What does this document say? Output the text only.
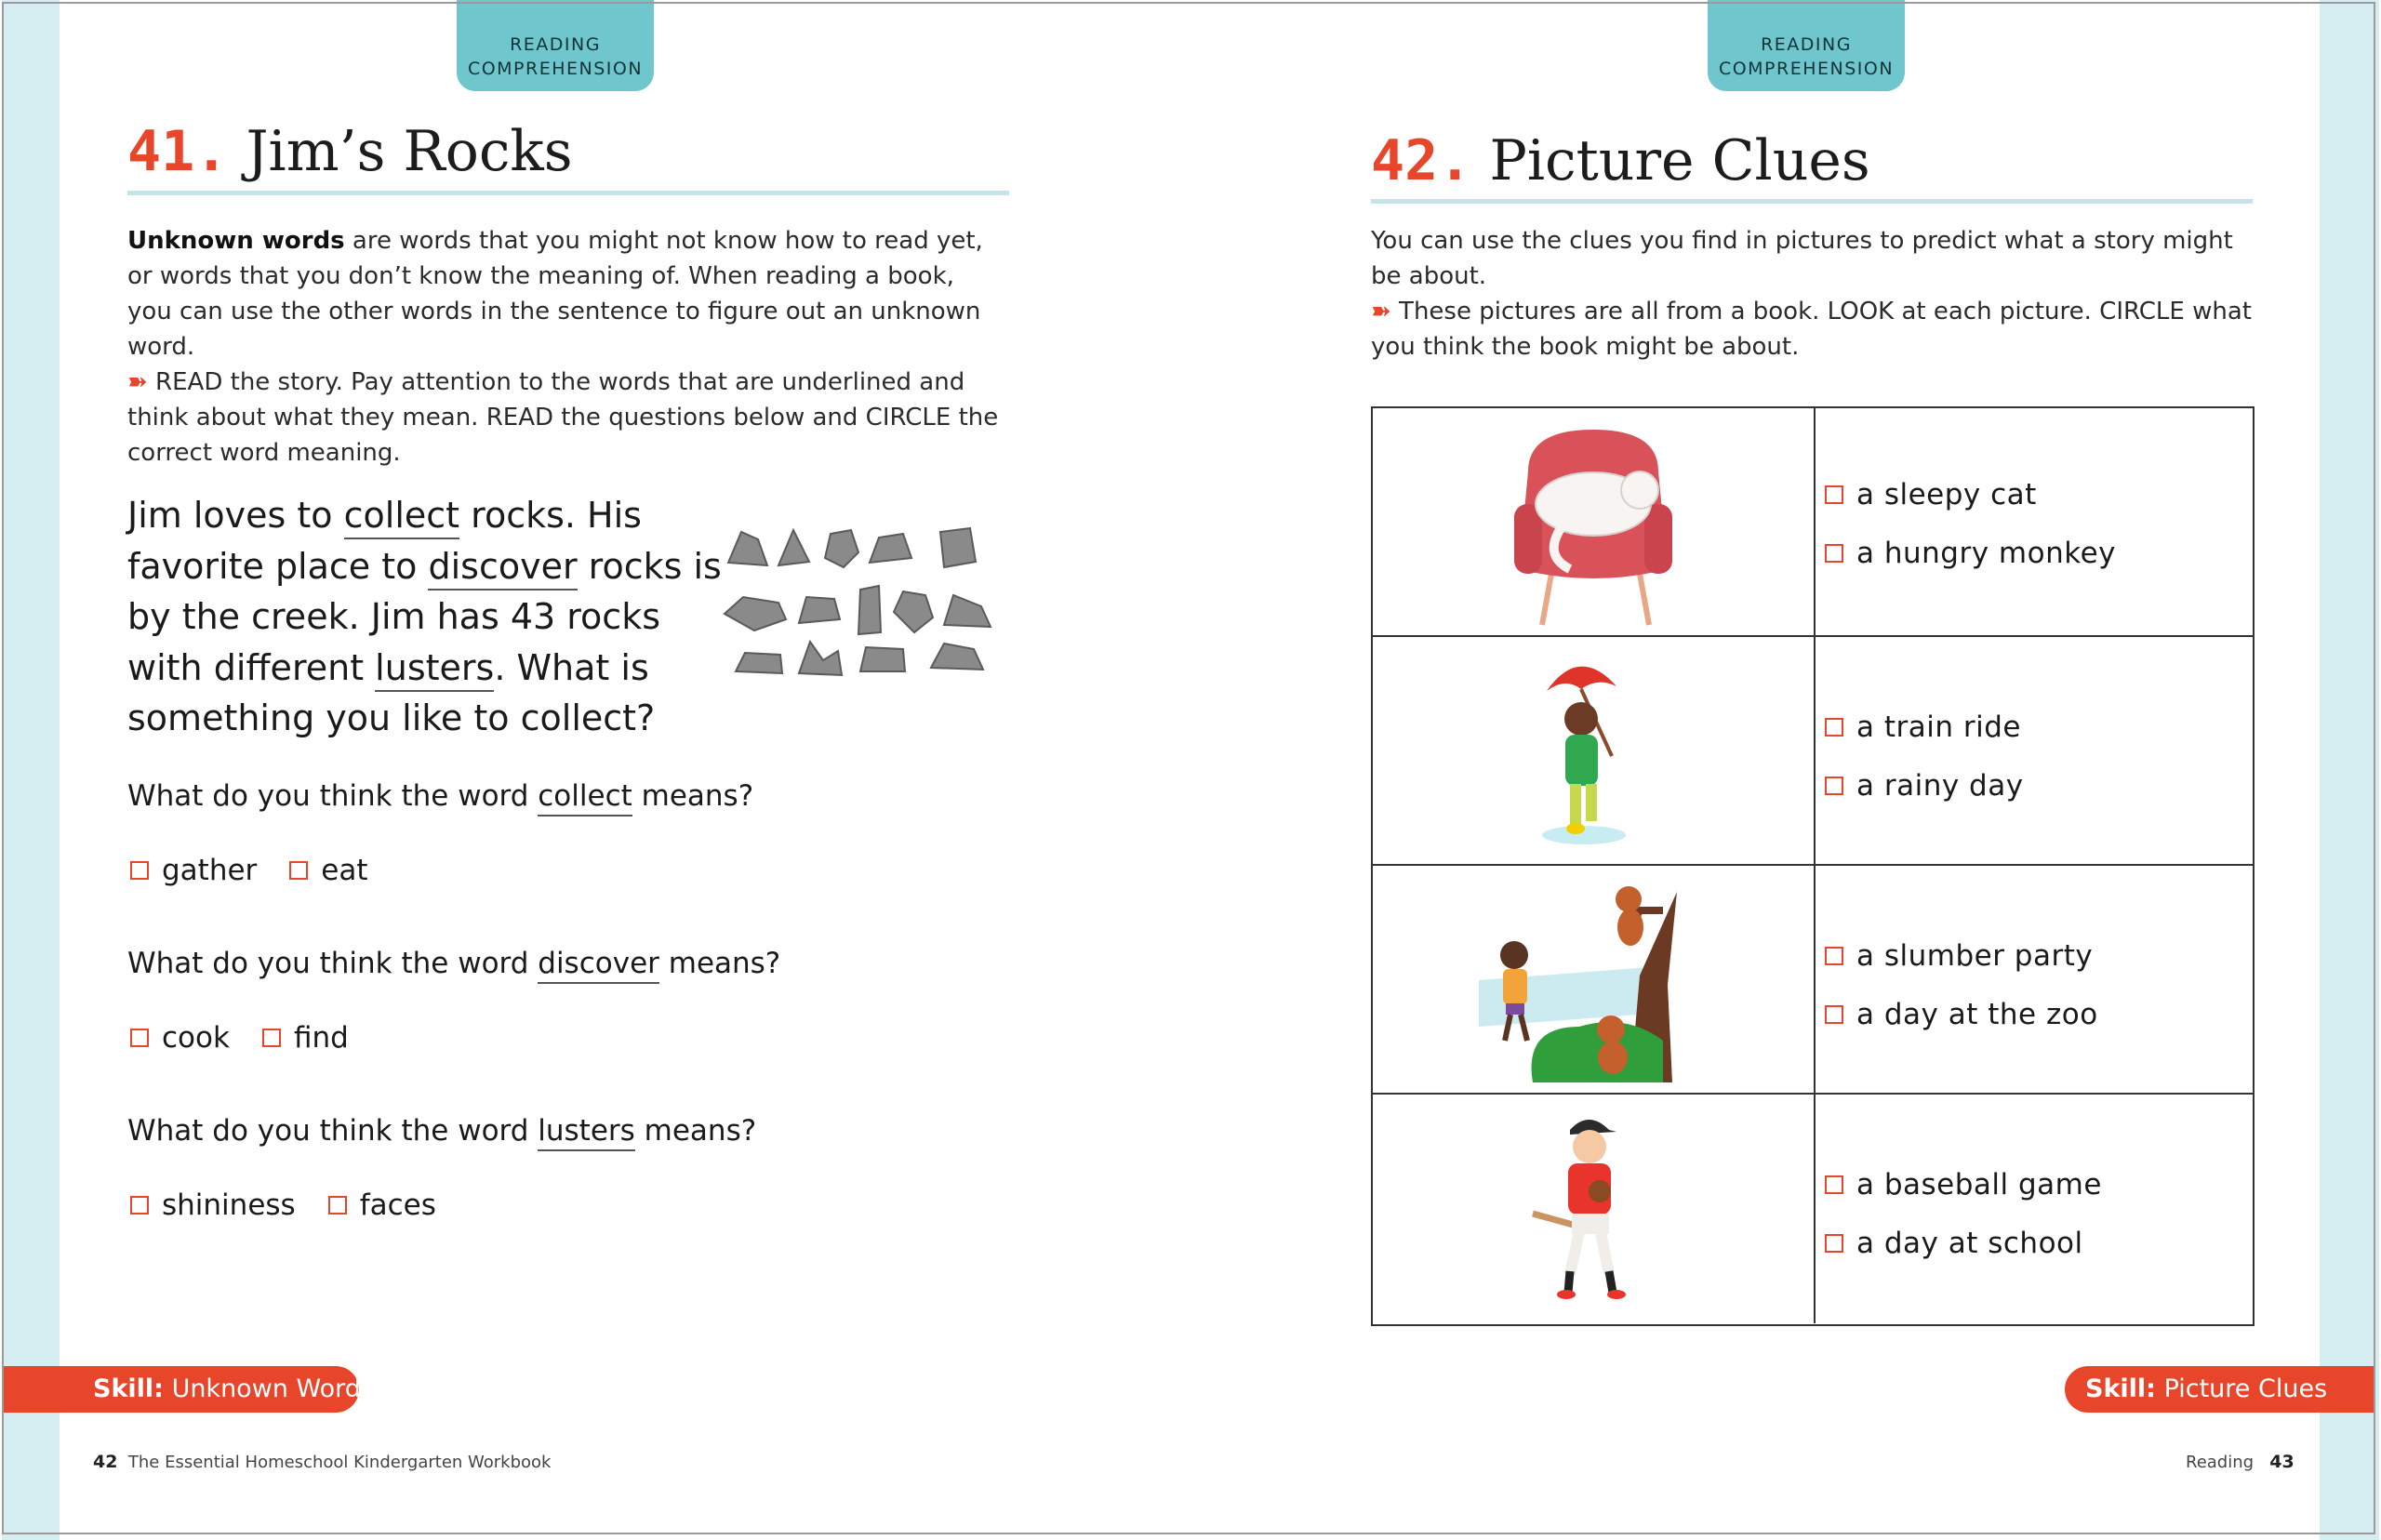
READING
COMPREHENSION
41. Jim’s Rocks
Unknown words are words that you might not know how to read yet, or words that you don’t know the meaning of. When reading a book, you can use the other words in the sentence to figure out an unknown word.
➽ READ the story. Pay attention to the words that are underlined and think about what they mean. READ the questions below and CIRCLE the correct word meaning.
Jim loves to collect rocks. His favorite place to discover rocks is by the creek. Jim has 43 rocks with different lusters. What is something you like to collect?
What do you think the word collect means?
gather eat
What do you think the word discover means?
cook find
What do you think the word lusters means?
shininess faces
Skill: Unknown Words
42 The Essential Homeschool Kindergarten Workbook
READING
COMPREHENSION
42. Picture Clues
You can use the clues you find in pictures to predict what a story might be about.
➽ These pictures are all from a book. LOOK at each picture. CIRCLE what you think the book might be about.
a sleepy cat
a hungry monkey
a train ride
a rainy day
a slumber party
a day at the zoo
a baseball game
a day at school
Skill: Picture Clues
Reading 43
